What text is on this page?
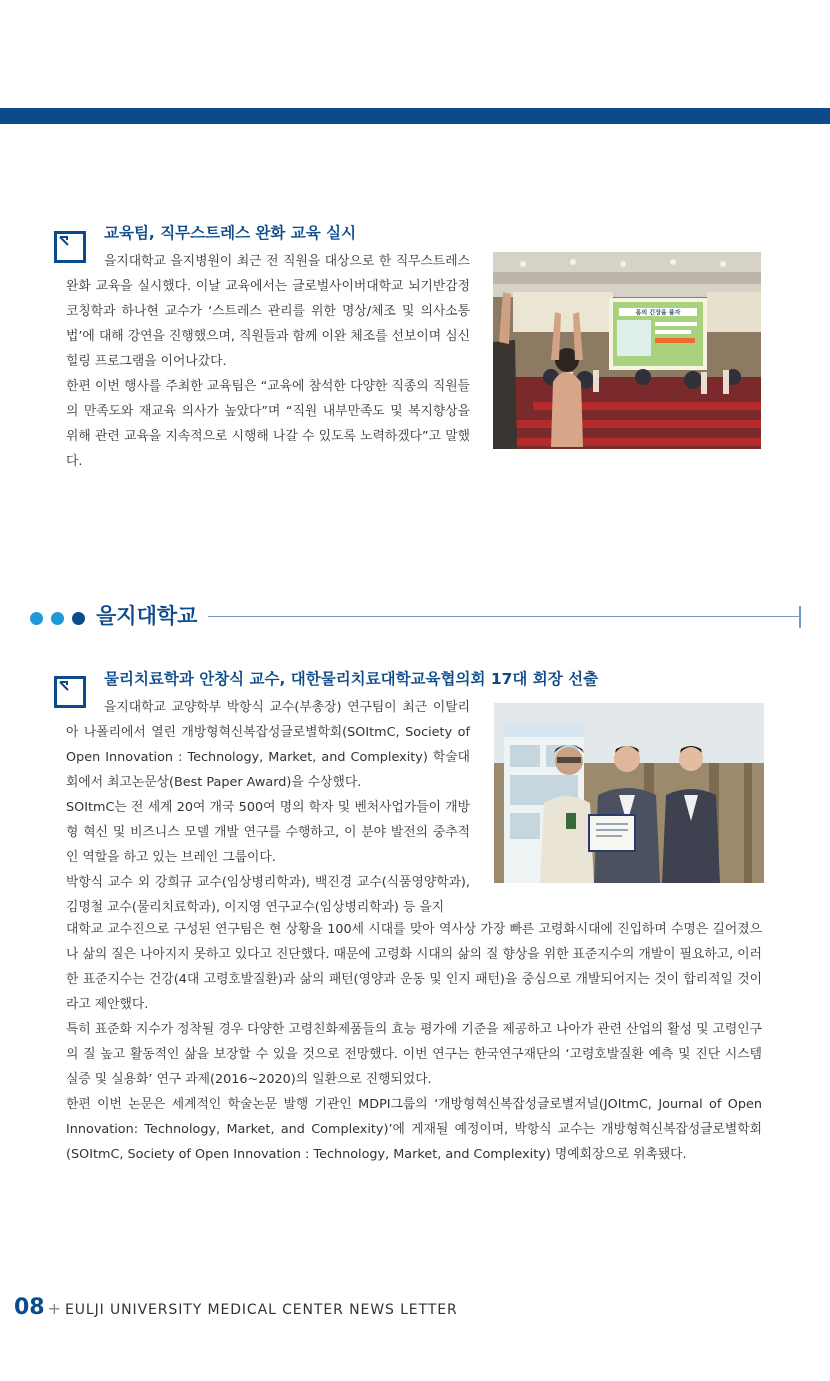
교육팀, 직무스트레스 완화 교육 실시

을지대학교 을지병원이 최근 전 직원을 대상으로 한 직무스트레스 완화 교육을 실시했다. 이날 교육에서는 글로벌사이버대학교 뇌기반감정코칭학과 하나현 교수가 ‘스트레스 관리를 위한 명상/체조 및 의사소통법’에 대해 강연을 진행했으며, 직원들과 함께 이완 체조를 선보이며 심신힐링 프로그램을 이어나갔다.

한편 이번 행사를 주최한 교육팀은 “교육에 참석한 다양한 직종의 직원들의 만족도와 재교육 의사가 높았다”며 “직원 내부만족도 및 복지향상을 위해 관련 교육을 지속적으로 시행해 나갈 수 있도록 노력하겠다”고 말했다.

몸의 긴장을 풀자
을지대학교
물리치료학과 안창식 교수, 대한물리치료대학교육협의회 17대 회장 선출

을지대학교 교양학부 박항식 교수(부총장) 연구팀이 최근 이탈리아 나폴리에서 열린 개방형혁신복잡성글로별학회(SOItmC, Society of Open Innovation : Technology, Market, and Complexity) 학술대회에서 최고논문상(Best Paper Award)을 수상했다.

SOItmC는 전 세계 20여 개국 500여 명의 학자 및 벤처사업가들이 개방형 혁신 및 비즈니스 모델 개발 연구를 수행하고, 이 분야 발전의 중추적인 역할을 하고 있는 브레인 그룹이다.

박항식 교수 외 강희규 교수(임상병리학과), 백진경 교수(식품영양학과), 김명철 교수(물리치료학과), 이지영 연구교수(임상병리학과) 등 을지

대학교 교수진으로 구성된 연구팀은 현 상황을 100세 시대를 맞아 역사상 가장 빠른 고령화시대에 진입하며 수명은 길어졌으나 삶의 질은 나아지지 못하고 있다고 진단했다. 때문에 고령화 시대의 삶의 질 향상을 위한 표준지수의 개발이 필요하고, 이러한 표준지수는 건강(4대 고령호발질환)과 삶의 패턴(영양과 운동 및 인지 패턴)을 중심으로 개발되어지는 것이 합리적일 것이라고 제안했다.

특히 표준화 지수가 정착될 경우 다양한 고령친화제품들의 효능 평가에 기준을 제공하고 나아가 관련 산업의 활성 및 고령인구의 질 높고 활동적인 삶을 보장할 수 있을 것으로 전망했다. 이번 연구는 한국연구재단의 ‘고령호발질환 예측 및 진단 시스템 실증 및 실용화’ 연구 과제(2016~2020)의 일환으로 진행되었다.

한편 이번 논문은 세계적인 학술논문 발행 기관인 MDPI그룹의 ‘개방형혁신복잡성글로별저널(JOItmC, Journal of Open Innovation: Technology, Market, and Complexity)’에 게재될 예정이며, 박항식 교수는 개방형혁신복잡성글로별학회(SOItmC, Society of Open Innovation : Technology, Market, and Complexity) 명예회장으로 위촉됐다.

08 + EULJI UNIVERSITY MEDICAL CENTER NEWS LETTER
